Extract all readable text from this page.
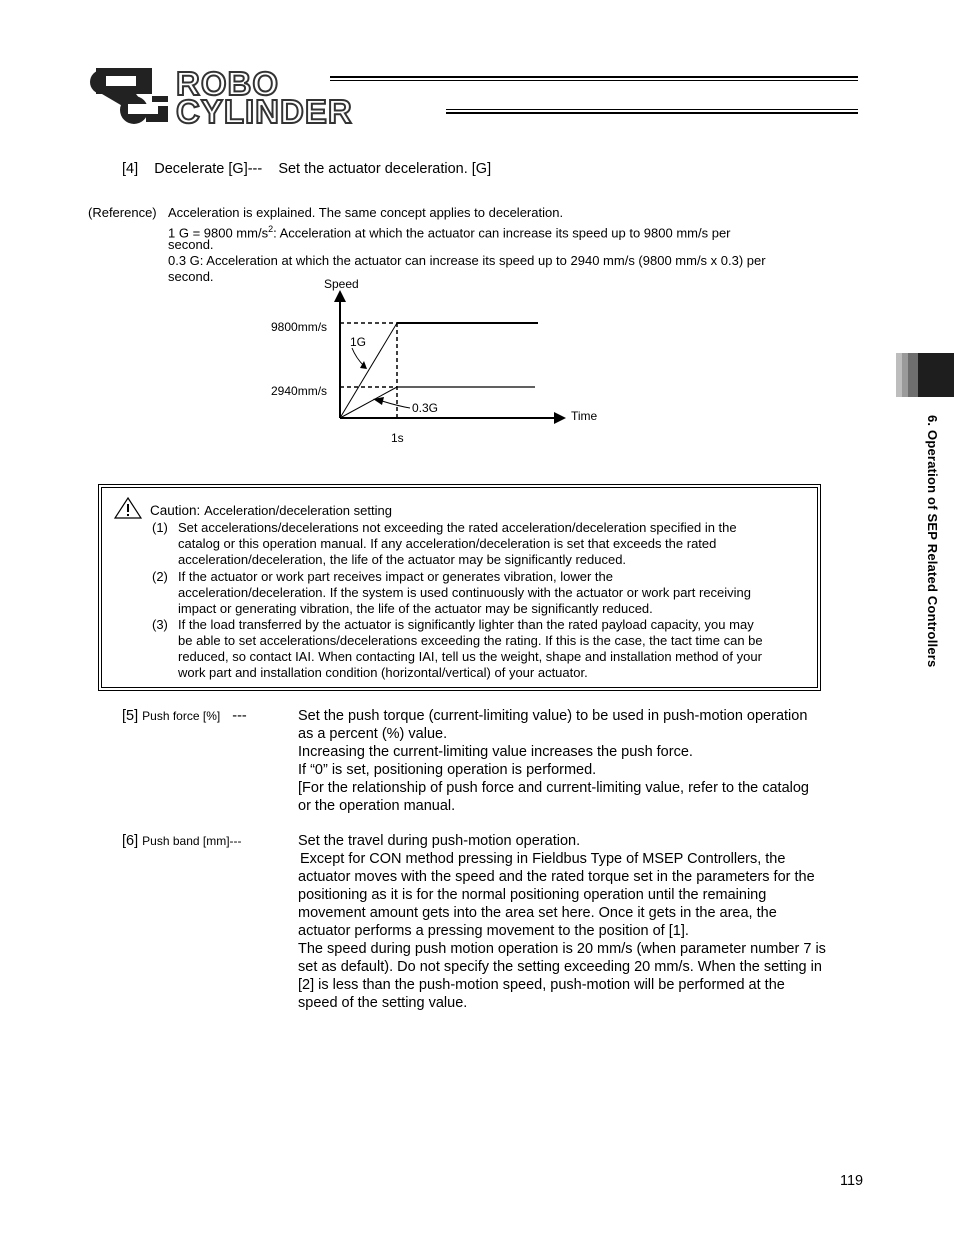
ROBO
CYLINDER
[4]    Decelerate [G]---    Set the actuator deceleration. [G]
(Reference) Acceleration is explained. The same concept applies to deceleration.
1 G = 9800 $mm/s^2$: Acceleration at which the actuator can increase its speed up to 9800 mm/s per
second.
0.3 G: Acceleration at which the actuator can increase its speed up to 2940 mm/s (9800 mm/s x 0.3) per
second.	Speed
Time
9800mm/s
2940mm/s
1G
0.3G
1s
Caution: Acceleration/deceleration setting
(1) Set accelerations/decelerations not exceeding the rated acceleration/deceleration specified in the
catalog or this operation manual. If any acceleration/deceleration is set that exceeds the rated
acceleration/deceleration, the life of the actuator may be significantly reduced.
(2) If the actuator or work part receives impact or generates vibration, lower the
acceleration/deceleration. If the system is used continuously with the actuator or work part receiving
impact or generating vibration, the life of the actuator may be significantly reduced.
(3) If the load transferred by the actuator is significantly lighter than the rated payload capacity, you may
be able to set accelerations/decelerations exceeding the rating. If this is the case, the tact time can be
reduced, so contact IAI. When contacting IAI, tell us the weight, shape and installation method of your
work part and installation condition (horizontal/vertical) of your actuator.
[5] Push force [%] ---	Set the push torque (current-limiting value) to be used in push-motion operation
as a percent (%) value.
Increasing the current-limiting value increases the push force.
If “0” is set, positioning operation is performed.
[For the relationship of push force and current-limiting value, refer to the catalog
or the operation manual.
[6] Push band [mm]---	Set the travel during push-motion operation.
Except for CON method pressing in Fieldbus Type of MSEP Controllers, the
actuator moves with the speed and the rated torque set in the parameters for the
positioning as it is for the normal positioning operation until the remaining
movement amount gets into the area set here. Once it gets in the area, the
actuator performs a pressing movement to the position of [1].
The speed during push motion operation is 20 mm/s (when parameter number 7 is
set as default). Do not specify the setting exceeding 20 mm/s. When the setting in
[2] is less than the push-motion speed, push-motion will be performed at the
speed of the setting value.
6. Operation of SEP Related Controllers
119
